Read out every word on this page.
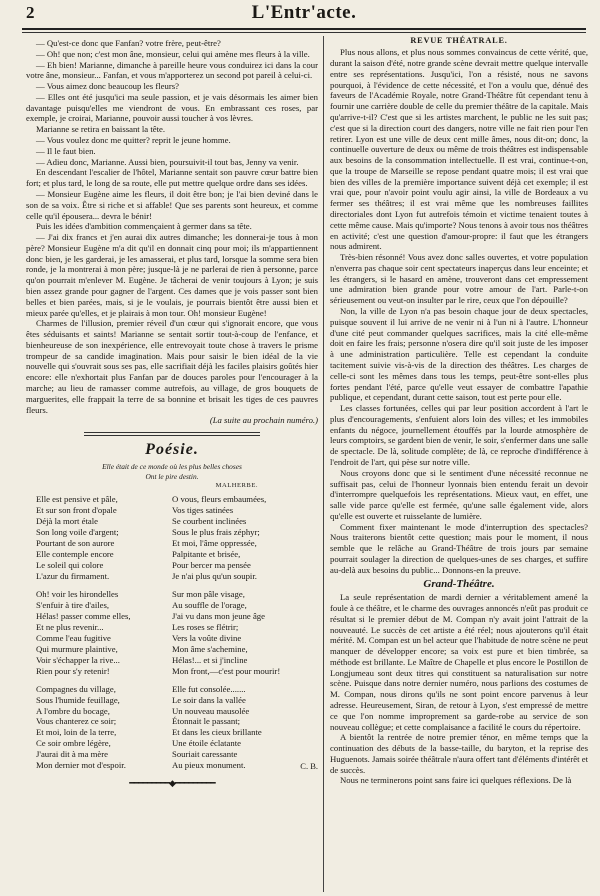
2	L'Entr'acte.

— Qu'est-ce donc que Fanfan? votre frère, peut-être?

— Oh! que non; c'est mon âne, monsieur, celui qui amène mes fleurs à la ville.

— Eh bien! Marianne, dimanche à pareille heure vous conduirez ici dans la cour votre âne, monsieur... Fanfan, et vous m'apporterez un second pot pareil à celui-ci.

— Vous aimez donc beaucoup les fleurs?

— Elles ont été jusqu'ici ma seule passion, et je vais désormais les aimer bien davantage puisqu'elles me viendront de vous. En embrassant ces roses, par exemple, je croirai, Marianne, pouvoir aussi toucher à vos lèvres.

Marianne se retira en baissant la tête.

— Vous voulez donc me quitter? reprit le jeune homme.

— Il le faut bien.

— Adieu donc, Marianne. Aussi bien, poursuivit-il tout bas, Jenny va venir.

En descendant l'escalier de l'hôtel, Marianne sentait son pauvre cœur battre bien fort; et plus tard, le long de sa route, elle put mettre quelque ordre dans ses idées.

— Monsieur Eugène aime les fleurs, il doit être bon; je l'ai bien deviné dans le son de sa voix. Être si riche et si affable! Que ses parents sont heureux, et comme celle qu'il épousera... devra le bénir!

Puis les idées d'ambition commençaient à germer dans sa tête.

— J'ai dix francs et j'en aurai dix autres dimanche; les donnerai-je tous à mon père? Monsieur Eugène m'a dit qu'il en donnait cinq pour moi; ils m'appartiennent donc bien, je les garderai, je les amasserai, et plus tard, lorsque la somme sera bien ronde, je la montrerai à mon père; jusque-là je ne parlerai de rien à personne, parce qu'on pourrait m'enlever M. Eugène. Je tâcherai de venir toujours à Lyon; je suis bien assez grande pour gagner de l'argent. Ces dames que je vois passer sont bien belles et bien parées, mais, si je le voulais, je pourrais bientôt être aussi bien et mieux parée qu'elles, et je plairais à mon tour. Oh! monsieur Eugène!

Charmes de l'illusion, premier réveil d'un cœur qui s'ignorait encore, que vous êtes séduisants et saints! Marianne se sentait sortir tout-à-coup de l'enfance, et bienheureuse de son inexpérience, elle entrevoyait toute chose à travers le prisme trompeur de sa candide imagination. Mais pour saisir le bien idéal de la vie nouvelle qui s'ouvrait sous ses pas, elle sacrifiait déjà les faciles plaisirs goûtés hier encore: elle n'exhortait plus Fanfan par de douces paroles pour l'encourager à la marche; au lieu de ramasser comme autrefois, au village, de gros bouquets de marguerites, elle frappait la terre de sa bonnine et brisait les tiges de ces pauvres fleurs.

(La suite au prochain numéro.)
Poésie.
Elle était de ce monde où les plus belles choses
Ont le pire destin.
MALHERBE.
Elle est pensive et pâle,
Et sur son front d'opale
Déjà la mort étale
Son long voile d'argent;
Pourtant de son aurore
Elle contemple encore
Le soleil qui colore
L'azur du firmament.
Oh! voir les hirondelles
S'enfuir à tire d'ailes,
Hélas! passer comme elles,
Et ne plus revenir...
Comme l'eau fugitive
Qui murmure plaintive,
Voir s'échapper la rive...
Rien pour s'y retenir!
Compagnes du village,
Sous l'humide feuillage,
A l'ombre du bocage,
Vous chanterez ce soir;
Et moi, loin de la terre,
Ce soir ombre légère,
J'aurai dit à ma mère
Mon dernier mot d'espoir.
O vous, fleurs embaumées,
Vos tiges satinées
Se courbent inclinées
Sous le plus frais zéphyr;
Et moi, l'âme oppressée,
Palpitante et brisée,
Pour bercer ma pensée
Je n'ai plus qu'un soupir.
Sur mon pâle visage,
Au souffle de l'orage,
J'ai vu dans mon jeune âge
Les roses se flétrir;
Vers la voûte divine
Mon âme s'achemine,
Hélas!... et si j'incline
Mon front,—c'est pour mourir!
Elle fut consolée.......
Le soir dans la vallée
Un nouveau mausolée
Étonnait le passant;
Et dans les cieux brillante
Une étoile éclatante
Souriait caressante
Au pieux monument.	C. B.
━━━━━━━━━◆━━━━━━━━━
REVUE THÉATRALE.

Plus nous allons, et plus nous sommes convaincus de cette vérité, que, durant la saison d'été, notre grande scène devrait mettre quelque intervalle entre ses représentations. Jusqu'ici, l'on a résisté, nous ne savons pourquoi, à l'évidence de cette nécessité, et l'on a voulu que, dénué des faveurs de l'Académie Royale, notre Grand-Théâtre fût cependant tenu à fournir une carrière double de celle du premier théâtre de la capitale. Mais qu'arrive-t-il? C'est que si les artistes marchent, le public ne les suit pas; c'est que si la direction court des dangers, notre ville ne fait rien pour l'en retirer. Lyon est une ville de deux cent mille âmes, nous dit-on; donc, la continuelle ouverture de deux ou même de trois théâtres est indispensable aux besoins de la consommation intellectuelle. Il est vrai, continue-t-on, que la troupe de Marseille se repose pendant quatre mois; il est vrai que bien des villes de la première importance suivent déjà cet exemple; il est vrai que, pour n'avoir point voulu agir ainsi, la ville de Bordeaux a vu fermer ses théâtres; il est vrai même que les nombreuses faillites directoriales dont Lyon fut autrefois témoin et victime tenaient toutes à cette même cause. Mais qu'importe? Nous tenons à avoir tous nos théâtres en activité; c'est une question d'amour-propre: il faut que les étrangers nous admirent.

Très-bien résonné! Vous avez donc salles ouvertes, et votre population n'enverra pas chaque soir cent spectateurs inaperçus dans leur enceinte; et les étrangers, si le hasard en amène, trouveront dans cet empressement une admiration bien grande pour votre amour de l'art. Parle-t-on sérieusement ou veut-on insulter par le rire, ceux que l'on dépouille?

Non, la ville de Lyon n'a pas besoin chaque jour de deux spectacles, puisque souvent il lui arrive de ne venir ni à l'un ni à l'autre. L'honneur d'une cité peut commander quelques sacrifices, mais la cité elle-même doit en faire les frais; personne n'osera dire qu'il soit juste de les imposer à une administration particulière. Telle est cependant la conduite tacitement suivie vis-à-vis de la direction des théâtres. Les charges de celle-ci sont les mêmes dans tous les temps, peut-être sont-elles plus fortes pendant l'été, parce qu'elle veut essayer de combattre l'apathie publique, et cependant, durant cette saison, tout est perte pour elle.

Les classes fortunées, celles qui par leur position accordent à l'art le plus d'encouragements, s'enfuient alors loin des villes; et les immobiles enfants du négoce, journellement étouffés par la lourde atmosphère de leurs comptoirs, se gardent bien de venir, le soir, s'enfermer dans une salle de spectacle. De là, solitude complète; de là, ce reproche d'indifférence à l'endroit de l'art, qui pèse sur notre ville.

Nous croyons donc que si le sentiment d'une nécessité reconnue ne suffisait pas, celui de l'honneur lyonnais bien entendu ferait un devoir d'interrompre quelquefois les représentations. Mieux vaut, en effet, une salle vide parce qu'elle est fermée, qu'une salle également vide, alors qu'elle est ouverte et ruisselante de lumière.

Comment fixer maintenant le mode d'interruption des spectacles? Nous traiterons bientôt cette question; mais pour le moment, il nous semble que le relâche au Grand-Théâtre de trois jours par semaine pourrait soulager la direction de quelques-unes de ses charges, et suffire au-delà aux besoins du public... Donnons-en la preuve.

Grand-Théâtre.

La seule représentation de mardi dernier a véritablement amené la foule à ce théâtre, et le charme des ouvrages annoncés n'eût pas produit ce résultat si le premier début de M. Compan n'y avait joint l'attrait de la nouveauté. Le succès de cet artiste a été réel; nous ajouterons qu'il était mérité. M. Compan est un bel acteur que l'habitude de notre scène ne peut manquer de développer encore; sa voix est pure et bien timbrée, sa méthode est brillante. Le Maître de Chapelle et plus encore le Postillon de Longjumeau sont deux titres qui constituent sa naturalisation sur notre scène. Puisque dans notre dernier numéro, nous parlions des costumes de M. Compan, nous dirons qu'ils ne sont point encore parvenus à leur adresse. Heureusement, Siran, de retour à Lyon, s'est empressé de mettre ce que l'on nomme improprement sa garde-robe au service de son nouveau collègue; et cette complaisance a facilité le cours du répertoire.

A bientôt la rentrée de notre premier ténor, en même temps que la continuation des débuts de la basse-taille, du baryton, et la reprise des Huguenots. Jamais soirée théâtrale n'aura offert tant d'éléments d'intérêt et de succès.

Nous ne terminerons point sans faire ici quelques réflexions. De là
